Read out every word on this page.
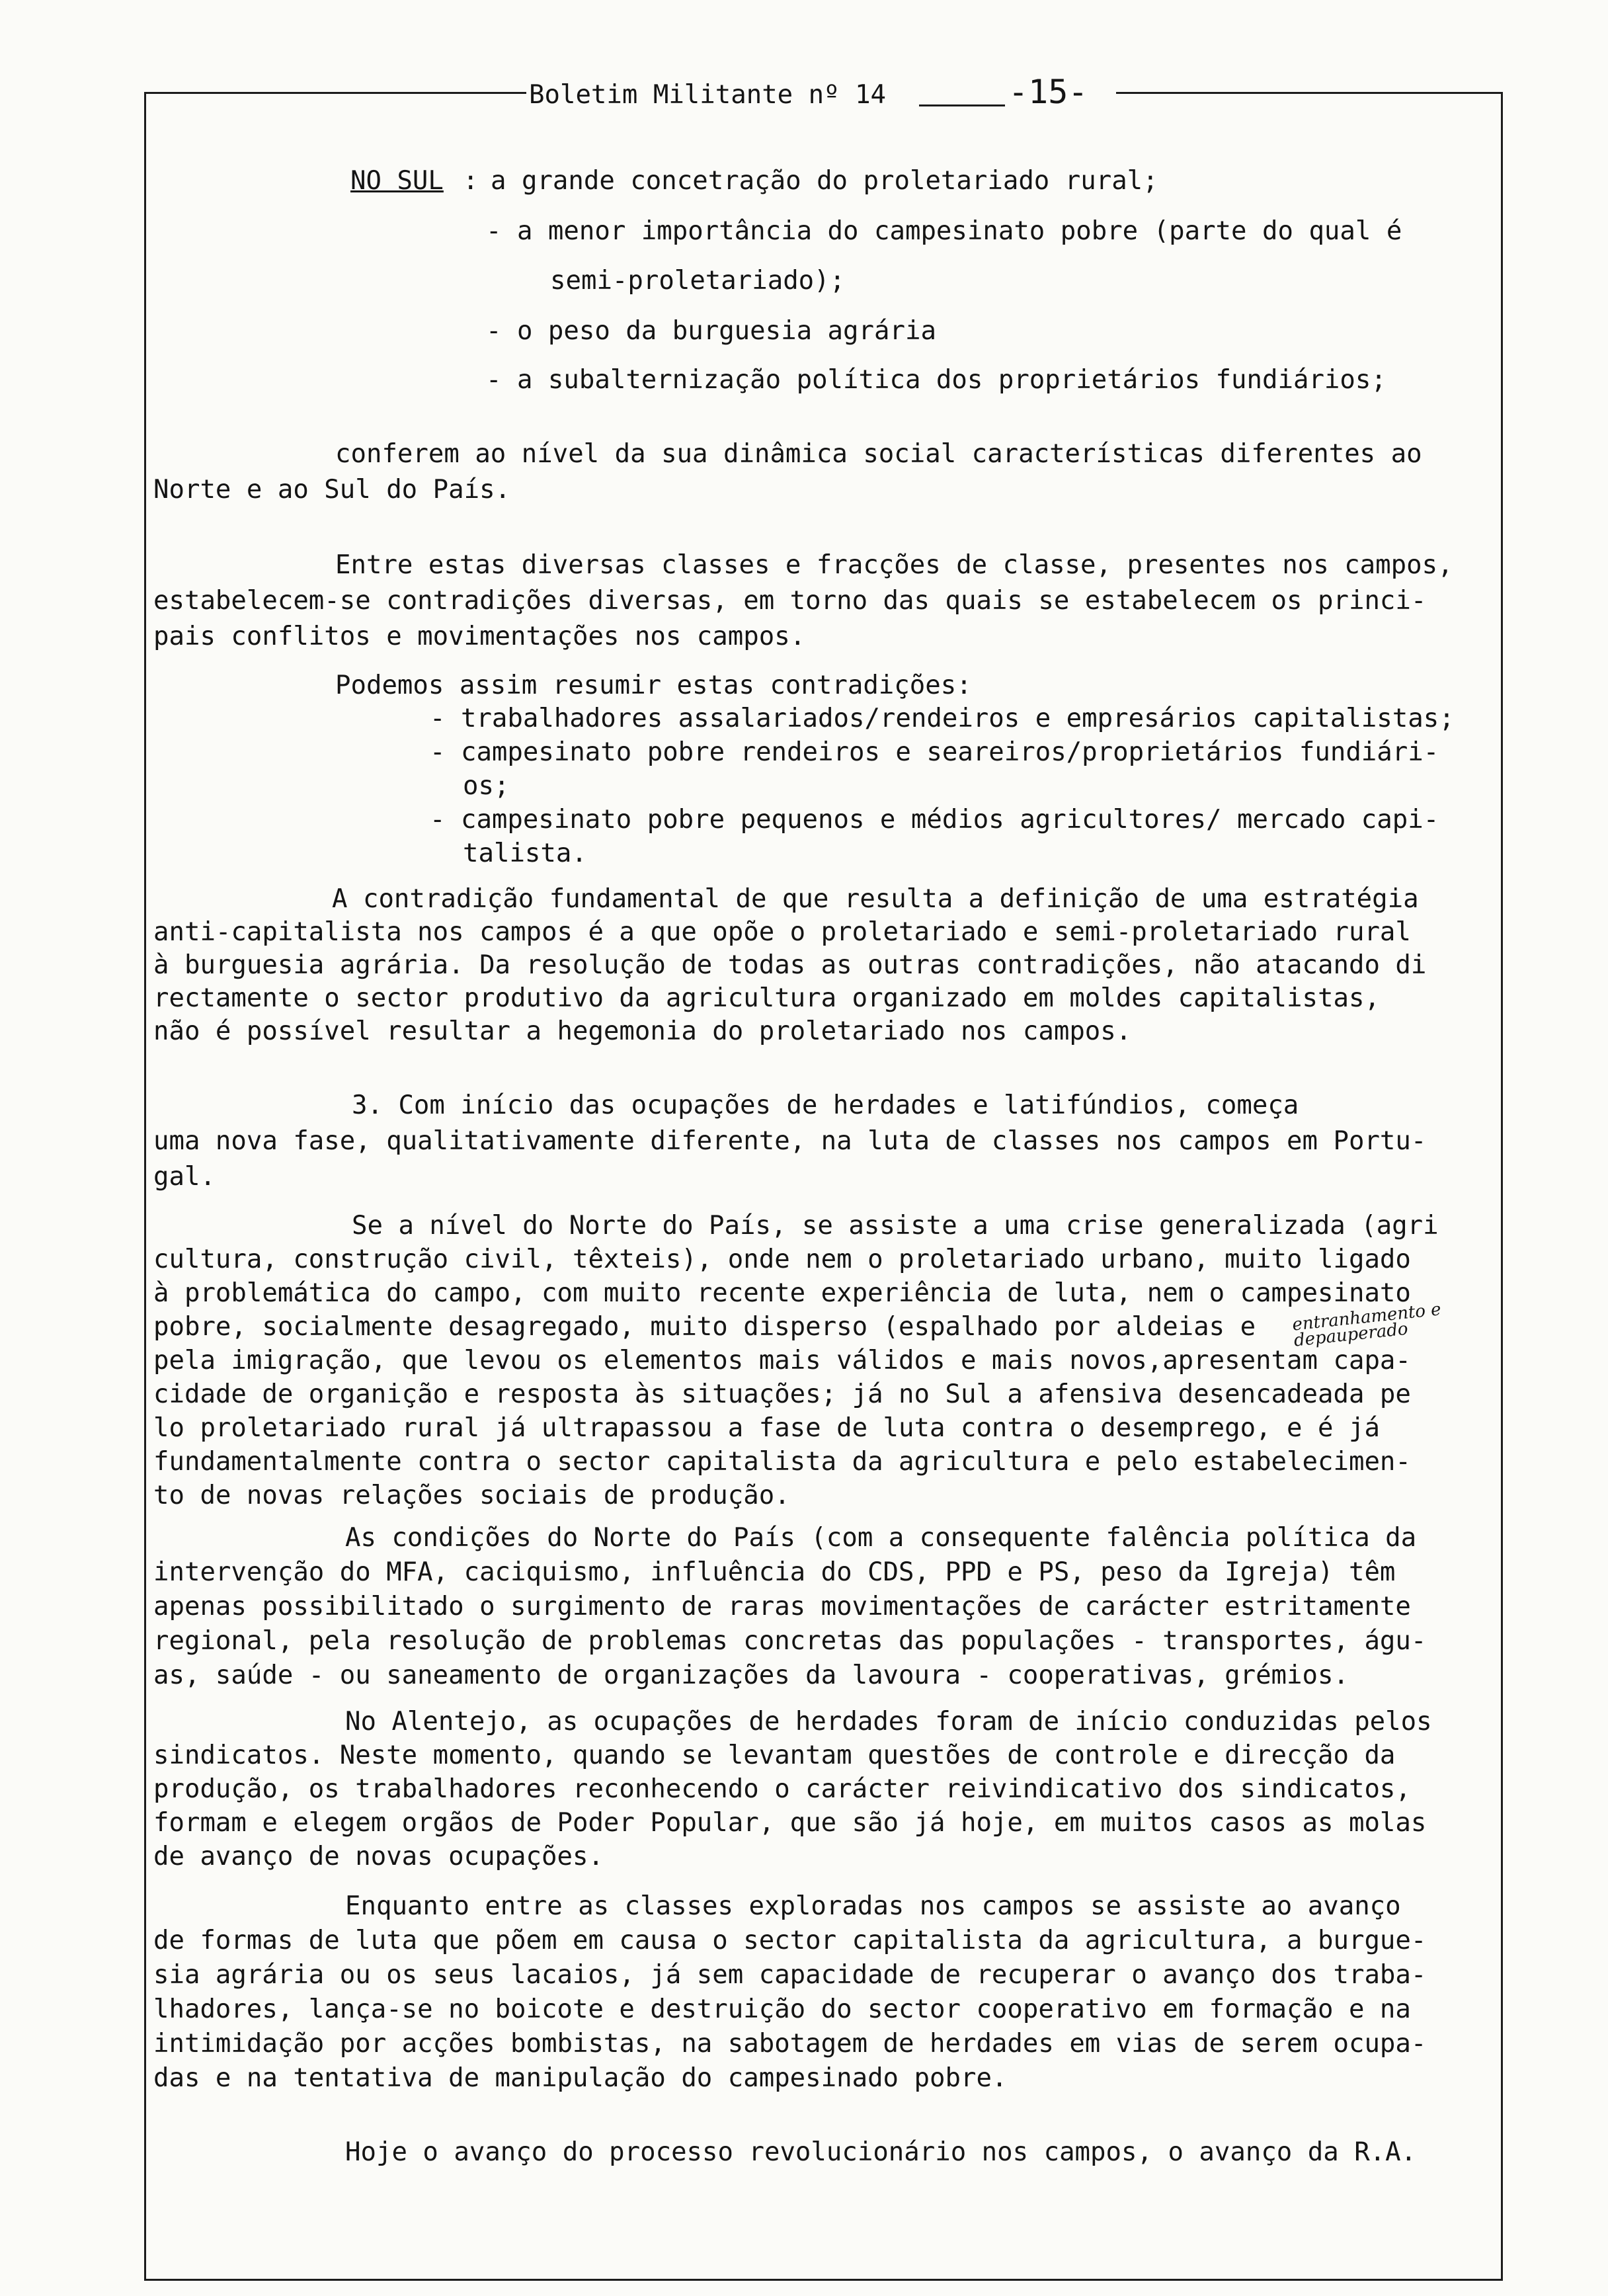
Boletim Militante nº 14	-15-
NO SUL : a grande concetração do proletariado rural;
- a menor importância do campesinato pobre (parte do qual é
semi-proletariado);
- o peso da burguesia agrária
- a subalternização política dos proprietários fundiários;
conferem ao nível da sua dinâmica social características diferentes ao
Norte e ao Sul do País.
Entre estas diversas classes e fracções de classe, presentes nos campos,
estabelecem-se contradições diversas, em torno das quais se estabelecem os princi-
pais conflitos e movimentações nos campos.
Podemos assim resumir estas contradições:
- trabalhadores assalariados/rendeiros e empresários capitalistas;
- campesinato pobre rendeiros e seareiros/proprietários fundiári-
os;
- campesinato pobre pequenos e médios agricultores/ mercado capi-
talista.
A contradição fundamental de que resulta a definição de uma estratégia
anti-capitalista nos campos é a que opõe o proletariado e semi-proletariado rural
à burguesia agrária. Da resolução de todas as outras contradições, não atacando di
rectamente o sector produtivo da agricultura organizado em moldes capitalistas,
não é possível resultar a hegemonia do proletariado nos campos.
3. Com início das ocupações de herdades e latifúndios, começa
uma nova fase, qualitativamente diferente, na luta de classes nos campos em Portu-
gal.
Se a nível do Norte do País, se assiste a uma crise generalizada (agri
cultura, construção civil, têxteis), onde nem o proletariado urbano, muito ligado
à problemática do campo, com muito recente experiência de luta, nem o campesinato
pobre, socialmente desagregado, muito disperso (espalhado por aldeias e
pela imigração, que levou os elementos mais válidos e mais novos,apresentam capa-
cidade de organição e resposta às situações; já no Sul a afensiva desencadeada pe
lo proletariado rural já ultrapassou a fase de luta contra o desemprego, e é já
fundamentalmente contra o sector capitalista da agricultura e pelo estabelecimen-
to de novas relações sociais de produção.
entranhamento e depauperado
As condições do Norte do País (com a consequente falência política da
intervenção do MFA, caciquismo, influência do CDS, PPD e PS, peso da Igreja) têm
apenas possibilitado o surgimento de raras movimentações de carácter estritamente
regional, pela resolução de problemas concretas das populações - transportes, águ-
as, saúde - ou saneamento de organizações da lavoura - cooperativas, grémios.
No Alentejo, as ocupações de herdades foram de início conduzidas pelos
sindicatos. Neste momento, quando se levantam questões de controle e direcção da
produção, os trabalhadores reconhecendo o carácter reivindicativo dos sindicatos,
formam e elegem orgãos de Poder Popular, que são já hoje, em muitos casos as molas
de avanço de novas ocupações.
Enquanto entre as classes exploradas nos campos se assiste ao avanço
de formas de luta que põem em causa o sector capitalista da agricultura, a burgue-
sia agrária ou os seus lacaios, já sem capacidade de recuperar o avanço dos traba-
lhadores, lança-se no boicote e destruição do sector cooperativo em formação e na
intimidação por acções bombistas, na sabotagem de herdades em vias de serem ocupa-
das e na tentativa de manipulação do campesinado pobre.
Hoje o avanço do processo revolucionário nos campos, o avanço da R.A.
